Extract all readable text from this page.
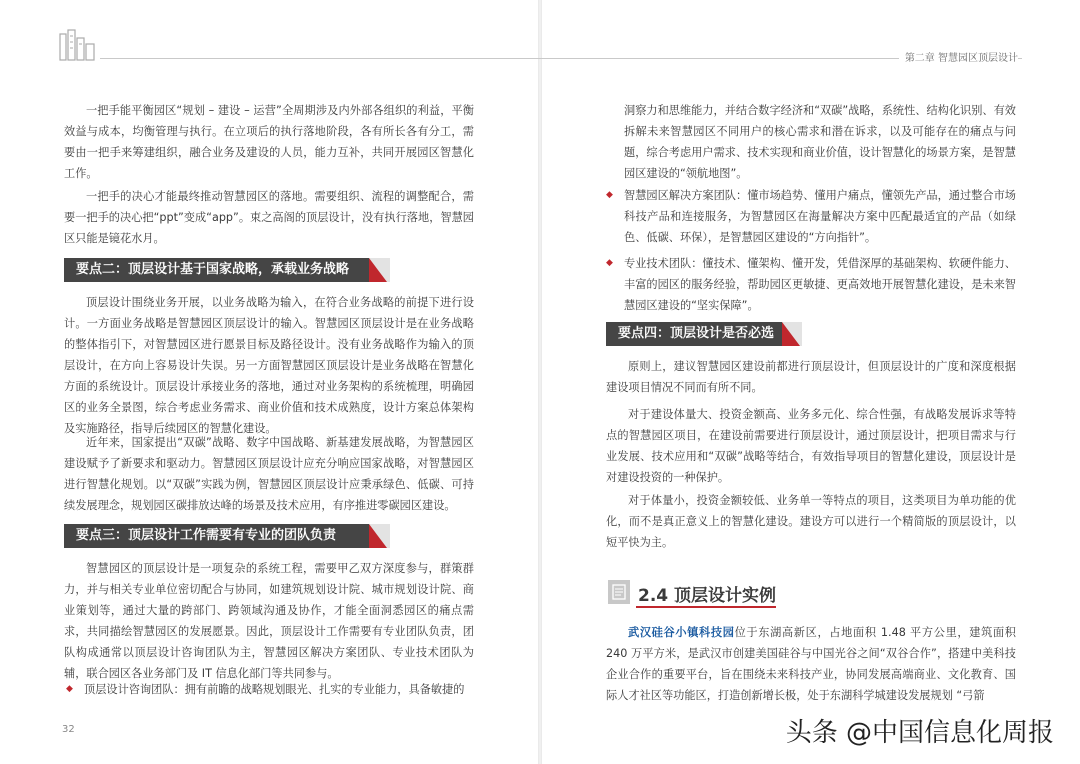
第二章 智慧园区顶层设计

一把手能平衡园区“规划 – 建设 – 运营”全周期涉及内外部各组织的利益，平衡效益与成本，均衡管理与执行。在立项后的执行落地阶段，各有所长各有分工，需要由一把手来筹建组织，融合业务及建设的人员，能力互补，共同开展园区智慧化工作。

一把手的决心才能最终推动智慧园区的落地。需要组织、流程的调整配合，需要一把手的决心把“ppt”变成“app”。束之高阁的顶层设计，没有执行落地，智慧园区只能是镜花水月。

要点二：顶层设计基于国家战略，承载业务战略

顶层设计围绕业务开展，以业务战略为输入，在符合业务战略的前提下进行设计。一方面业务战略是智慧园区顶层设计的输入。智慧园区顶层设计是在业务战略的整体指引下，对智慧园区进行愿景目标及路径设计。没有业务战略作为输入的顶层设计，在方向上容易设计失误。另一方面智慧园区顶层设计是业务战略在智慧化方面的系统设计。顶层设计承接业务的落地，通过对业务架构的系统梳理，明确园区的业务全景图，综合考虑业务需求、商业价值和技术成熟度，设计方案总体架构及实施路径，指导后续园区的智慧化建设。

近年来，国家提出“双碳”战略、数字中国战略、新基建发展战略，为智慧园区建设赋予了新要求和驱动力。智慧园区顶层设计应充分响应国家战略，对智慧园区进行智慧化规划。以“双碳”实践为例，智慧园区顶层设计应秉承绿色、低碳、可持续发展理念，规划园区碳排放达峰的场景及技术应用，有序推进零碳园区建设。

要点三：顶层设计工作需要有专业的团队负责

智慧园区的顶层设计是一项复杂的系统工程，需要甲乙双方深度参与，群策群力，并与相关专业单位密切配合与协同，如建筑规划设计院、城市规划设计院、商业策划等，通过大量的跨部门、跨领域沟通及协作，才能全面洞悉园区的痛点需求，共同描绘智慧园区的发展愿景。因此，顶层设计工作需要有专业团队负责，团队构成通常以顶层设计咨询团队为主，智慧园区解决方案团队、专业技术团队为辅，联合园区各业务部门及 IT 信息化部门等共同参与。

◆ 顶层设计咨询团队：拥有前瞻的战略规划眼光、扎实的专业能力，具备敏捷的

32

洞察力和思维能力，并结合数字经济和“双碳”战略，系统性、结构化识别、有效拆解未来智慧园区不同用户的核心需求和潜在诉求，以及可能存在的痛点与问题，综合考虑用户需求、技术实现和商业价值，设计智慧化的场景方案，是智慧园区建设的“领航地图”。

◆ 智慧园区解决方案团队：懂市场趋势、懂用户痛点，懂领先产品，通过整合市场科技产品和连接服务，为智慧园区在海量解决方案中匹配最适宜的产品（如绿色、低碳、环保），是智慧园区建设的“方向指针”。

◆ 专业技术团队：懂技术、懂架构、懂开发，凭借深厚的基础架构、软硬件能力、丰富的园区的服务经验，帮助园区更敏捷、更高效地开展智慧化建设，是未来智慧园区建设的“坚实保障”。

要点四：顶层设计是否必选

原则上，建议智慧园区建设前都进行顶层设计，但顶层设计的广度和深度根据建设项目情况不同而有所不同。

对于建设体量大、投资金额高、业务多元化、综合性强，有战略发展诉求等特点的智慧园区项目，在建设前需要进行顶层设计，通过顶层设计，把项目需求与行业发展、技术应用和“双碳”战略等结合，有效指导项目的智慧化建设，顶层设计是对建设投资的一种保护。

对于体量小，投资金额较低、业务单一等特点的项目，这类项目为单功能的优化，而不是真正意义上的智慧化建设。建设方可以进行一个精简版的顶层设计，以短平快为主。

2.4 顶层设计实例

武汉硅谷小镇科技园位于东湖高新区，占地面积 1.48 平方公里，建筑面积 240 万平方米，是武汉市创建美国硅谷与中国光谷之间“双谷合作”，搭建中美科技企业合作的重要平台，旨在围绕未来科技产业，协同发展高端商业、文化教育、国际人才社区等功能区，打造创新增长极，处于东湖科学城建设发展规划 “弓箭

头条 @中国信息化周报
